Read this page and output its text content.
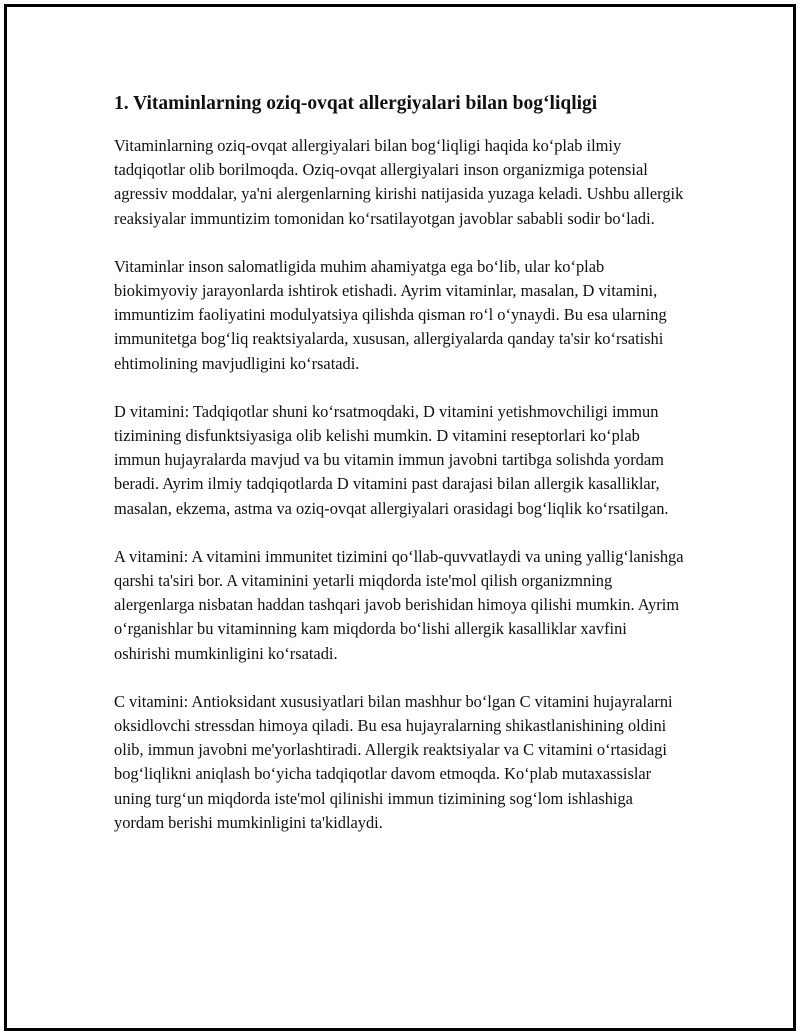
1. Vitaminlarning oziq-ovqat allergiyalari bilan bog‘liqligi

Vitaminlarning oziq-ovqat allergiyalari bilan bog‘liqligi haqida ko‘plab ilmiy tadqiqotlar olib borilmoqda. Oziq-ovqat allergiyalari inson organizmiga potensial agressiv moddalar, ya'ni alergenlarning kirishi natijasida yuzaga keladi. Ushbu allergik reaksiyalar immuntizim tomonidan ko‘rsatilayotgan javoblar sababli sodir bo‘ladi.

Vitaminlar inson salomatligida muhim ahamiyatga ega bo‘lib, ular ko‘plab biokimyoviy jarayonlarda ishtirok etishadi. Ayrim vitaminlar, masalan, D vitamini, immuntizim faoliyatini modulyatsiya qilishda qisman ro‘l o‘ynaydi. Bu esa ularning immunitetga bog‘liq reaktsiyalarda, xususan, allergiyalarda qanday ta'sir ko‘rsatishi ehtimolining mavjudligini ko‘rsatadi.

D vitamini: Tadqiqotlar shuni ko‘rsatmoqdaki, D vitamini yetishmovchiligi immun tizimining disfunktsiyasiga olib kelishi mumkin. D vitamini reseptorlari ko‘plab immun hujayralarda mavjud va bu vitamin immun javobni tartibga solishda yordam beradi. Ayrim ilmiy tadqiqotlarda D vitamini past darajasi bilan allergik kasalliklar, masalan, ekzema, astma va oziq-ovqat allergiyalari orasidagi bog‘liqlik ko‘rsatilgan.

A vitamini: A vitamini immunitet tizimini qo‘llab-quvvatlaydi va uning yallig‘lanishga qarshi ta'siri bor. A vitaminini yetarli miqdorda iste'mol qilish organizmning alergenlarga nisbatan haddan tashqari javob berishidan himoya qilishi mumkin. Ayrim o‘rganishlar bu vitaminning kam miqdorda bo‘lishi allergik kasalliklar xavfini oshirishi mumkinligini ko‘rsatadi.

C vitamini: Antioksidant xususiyatlari bilan mashhur bo‘lgan C vitamini hujayralarni oksidlovchi stressdan himoya qiladi. Bu esa hujayralarning shikastlanishining oldini olib, immun javobni me'yorlashtiradi. Allergik reaktsiyalar va C vitamini o‘rtasidagi bog‘liqlikni aniqlash bo‘yicha tadqiqotlar davom etmoqda. Ko‘plab mutaxassislar uning turg‘un miqdorda iste'mol qilinishi immun tizimining sog‘lom ishlashiga yordam berishi mumkinligini ta'kidlaydi.
